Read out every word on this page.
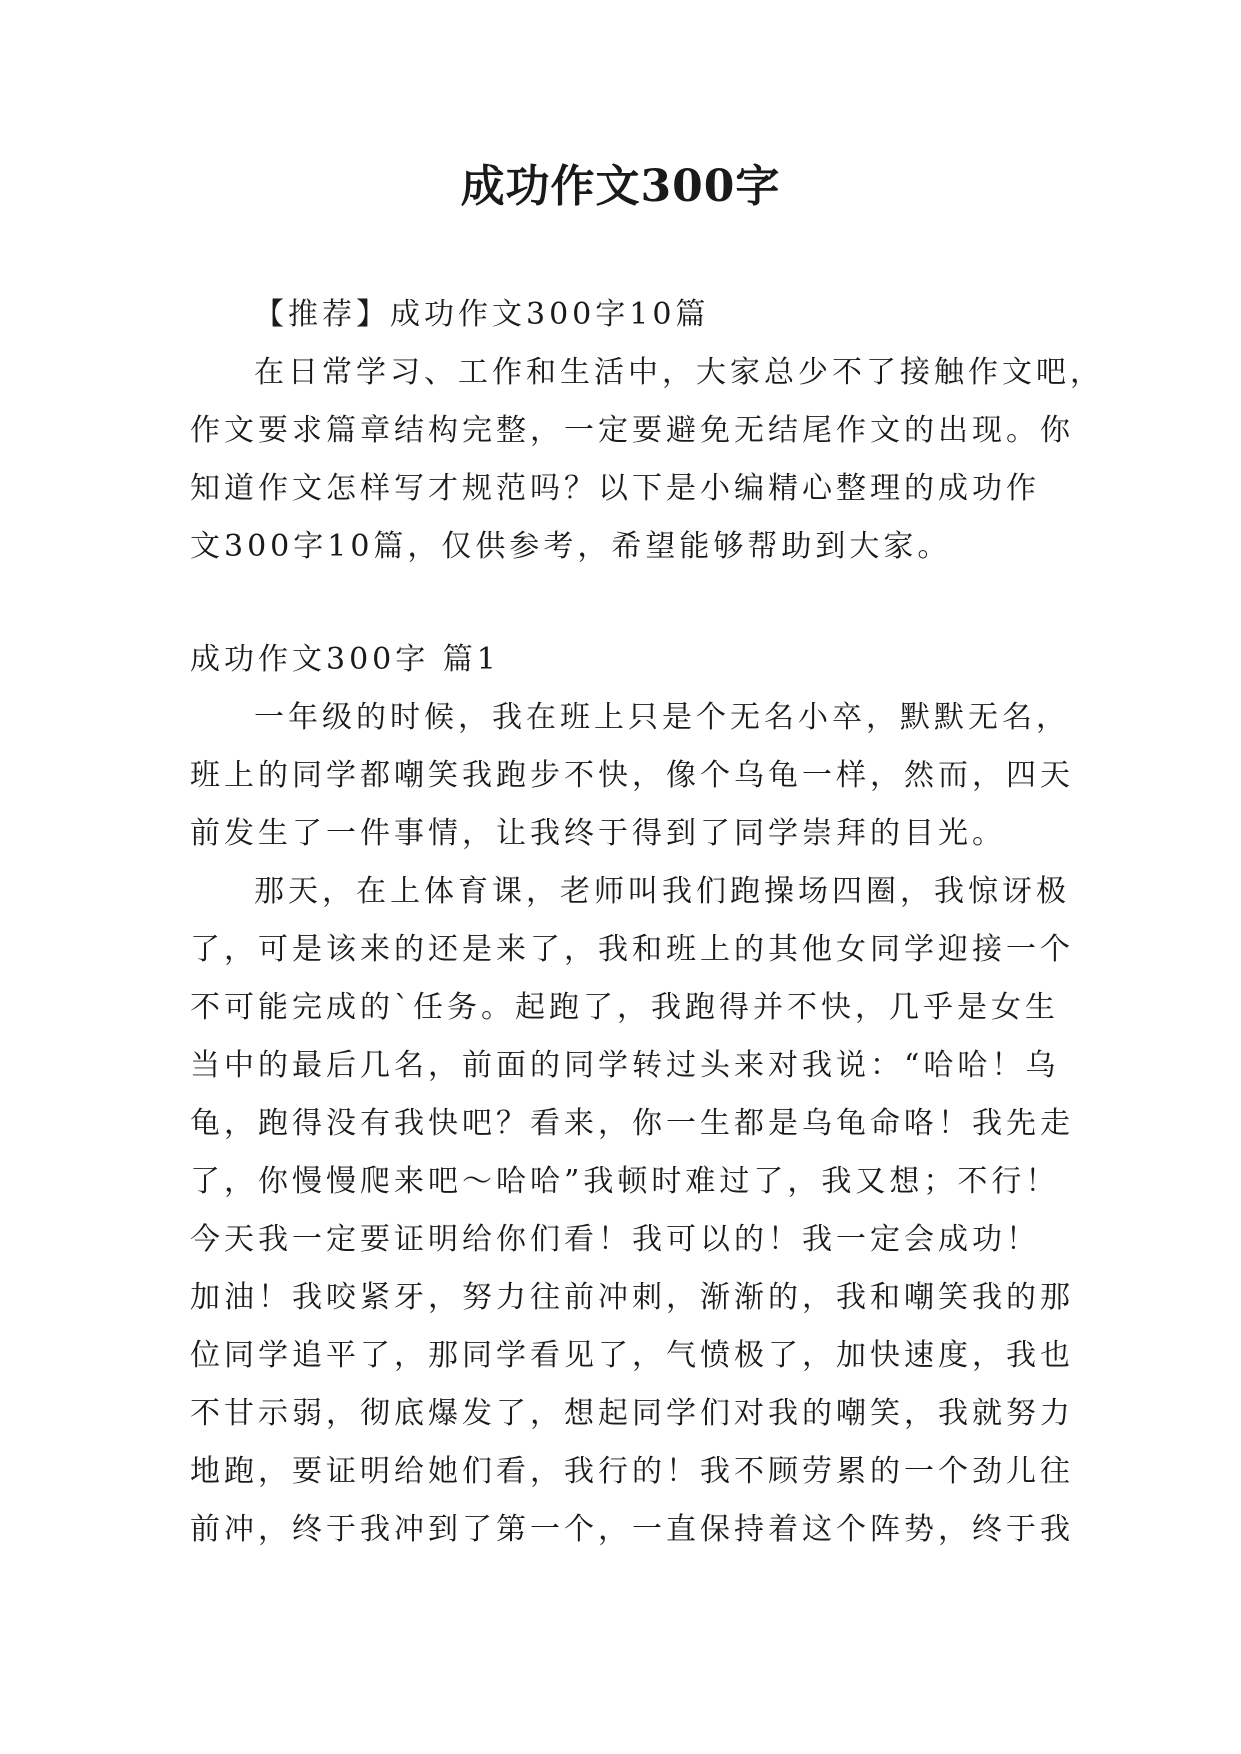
成功作文300字

【推荐】成功作文300字10篇

在日常学习、工作和生活中，大家总少不了接触作文吧，
作文要求篇章结构完整，一定要避免无结尾作文的出现。你
知道作文怎样写才规范吗？以下是小编精心整理的成功作
文300字10篇，仅供参考，希望能够帮助到大家。

成功作文300字 篇1

一年级的时候，我在班上只是个无名小卒，默默无名，
班上的同学都嘲笑我跑步不快，像个乌龟一样，然而，四天
前发生了一件事情，让我终于得到了同学崇拜的目光。

那天，在上体育课，老师叫我们跑操场四圈，我惊讶极
了，可是该来的还是来了，我和班上的其他女同学迎接一个
不可能完成的`任务。起跑了，我跑得并不快，几乎是女生
当中的最后几名，前面的同学转过头来对我说：“哈哈！乌
龟，跑得没有我快吧？看来，你一生都是乌龟命咯！我先走
了，你慢慢爬来吧～哈哈”我顿时难过了，我又想；不行！
今天我一定要证明给你们看！我可以的！我一定会成功！
加油！我咬紧牙，努力往前冲刺，渐渐的，我和嘲笑我的那
位同学追平了，那同学看见了，气愤极了，加快速度，我也
不甘示弱，彻底爆发了，想起同学们对我的嘲笑，我就努力
地跑，要证明给她们看，我行的！我不顾劳累的一个劲儿往
前冲，终于我冲到了第一个，一直保持着这个阵势，终于我
